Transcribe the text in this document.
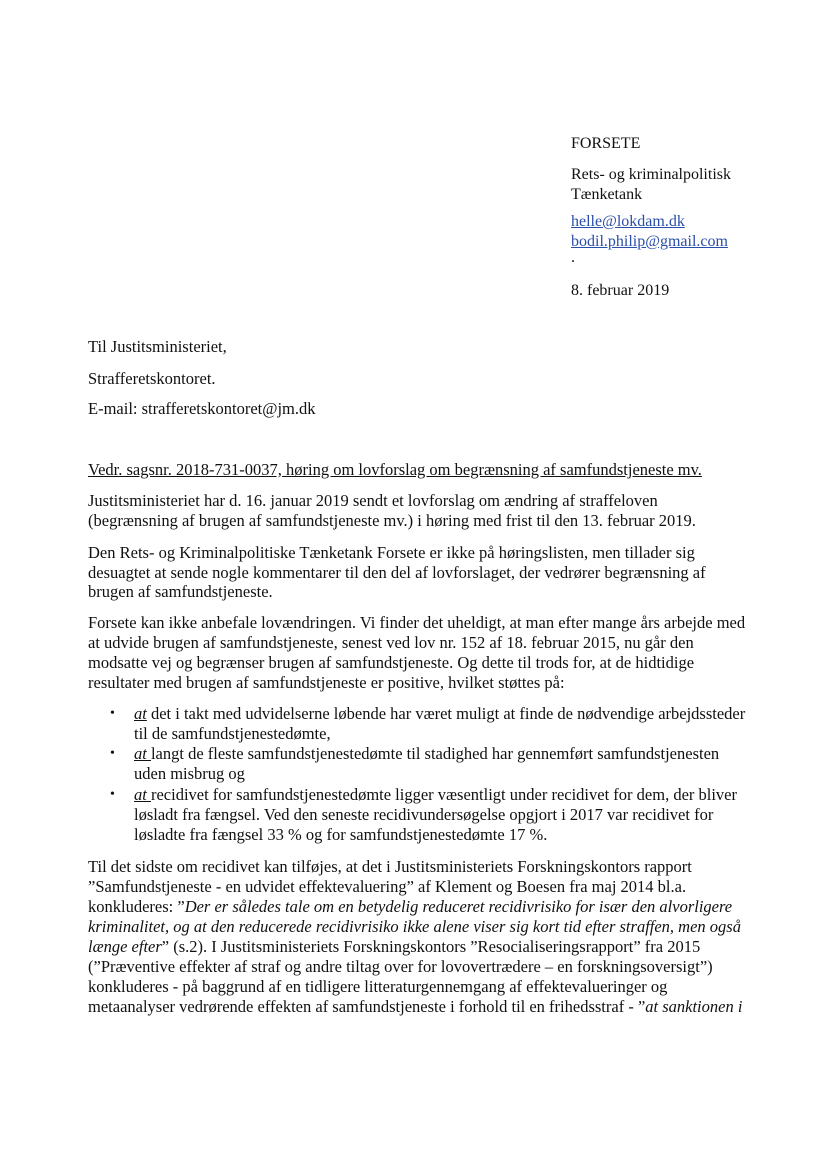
FORSETE
Rets- og kriminalpolitisk
Tænketank
helle@lokdam.dk
bodil.philip@gmail.com
.
8. februar 2019
Til Justitsministeriet,
Strafferetskontoret.
E-mail: strafferetskontoret@jm.dk
Vedr. sagsnr. 2018-731-0037, høring om lovforslag om begrænsning af samfundstjeneste mv.
Justitsministeriet har d. 16. januar 2019 sendt et lovforslag om ændring af straffeloven
(begrænsning af brugen af samfundstjeneste mv.) i høring med frist til den 13. februar 2019.
Den Rets- og Kriminalpolitiske Tænketank Forsete er ikke på høringslisten, men tillader sig
desuagtet at sende nogle kommentarer til den del af lovforslaget, der vedrører begrænsning af
brugen af samfundstjeneste.
Forsete kan ikke anbefale lovændringen. Vi finder det uheldigt, at man efter mange års arbejde med
at udvide brugen af samfundstjeneste, senest ved lov nr. 152 af 18. februar 2015, nu går den
modsatte vej og begrænser brugen af samfundstjeneste. Og dette til trods for, at de hidtidige
resultater med brugen af samfundstjeneste er positive, hvilket støttes på:
• at det i takt med udvidelserne løbende har været muligt at finde de nødvendige arbejdssteder
til de samfundstjenestedømte,
• at langt de fleste samfundstjenestedømte til stadighed har gennemført samfundstjenesten
uden misbrug og
• at recidivet for samfundstjenestedømte ligger væsentligt under recidivet for dem, der bliver
løsladt fra fængsel. Ved den seneste recidivundersøgelse opgjort i 2017 var recidivet for
løsladte fra fængsel 33 % og for samfundstjenestedømte 17 %.
Til det sidste om recidivet kan tilføjes, at det i Justitsministeriets Forskningskontors rapport
”Samfundstjeneste - en udvidet effektevaluering” af Klement og Boesen fra maj 2014 bl.a.
konkluderes: ”Der er således tale om en betydelig reduceret recidivrisiko for især den alvorligere
kriminalitet, og at den reducerede recidivrisiko ikke alene viser sig kort tid efter straffen, men også
længe efter” (s.2). I Justitsministeriets Forskningskontors ”Resocialiseringsrapport” fra 2015
(”Præventive effekter af straf og andre tiltag over for lovovertrædere – en forskningsoversigt”)
konkluderes - på baggrund af en tidligere litteraturgennemgang af effektevalueringer og
metaanalyser vedrørende effekten af samfundstjeneste i forhold til en frihedsstraf - ”at sanktionen i
